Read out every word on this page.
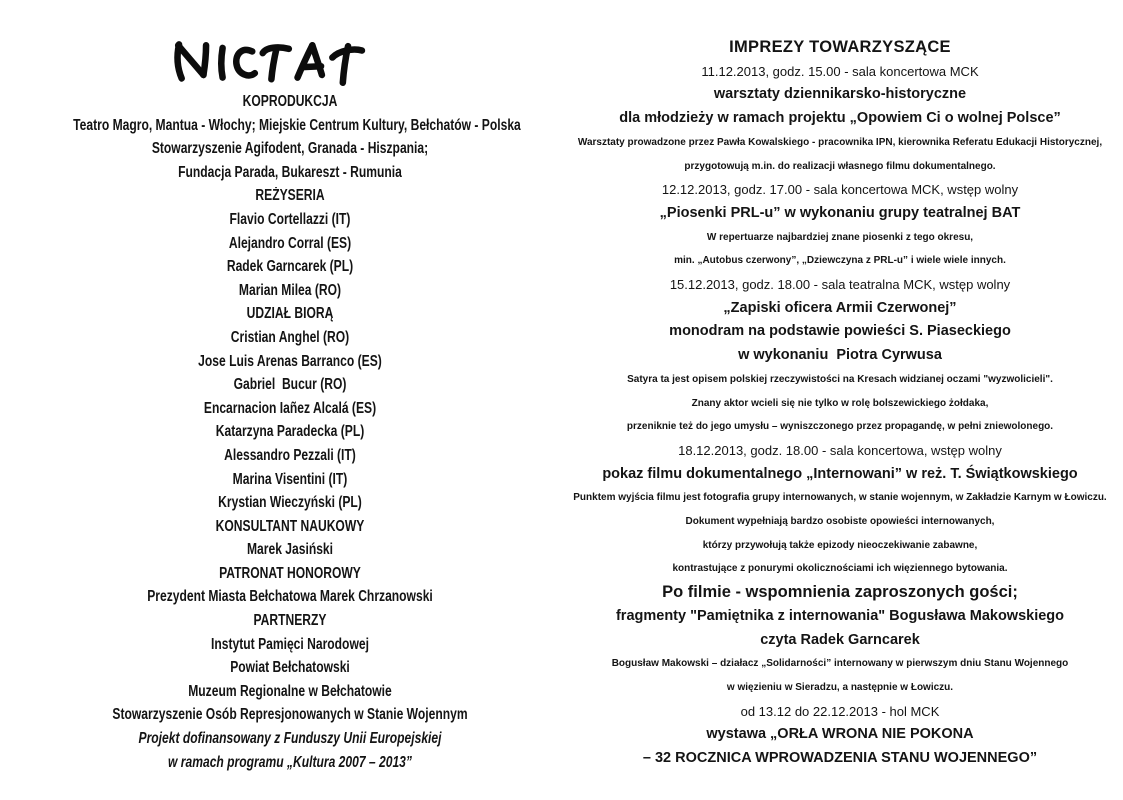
KOPRODUKCJA
Teatro Magro, Mantua - Włochy; Miejskie Centrum Kultury, Bełchatów - Polska
Stowarzyszenie Agifodent, Granada - Hiszpania;
Fundacja Parada, Bukareszt - Rumunia
REŻYSERIA
Flavio Cortellazzi (IT)
Alejandro Corral (ES)
Radek Garncarek (PL)
Marian Milea (RO)
UDZIAŁ BIORĄ
Cristian Anghel (RO)
Jose Luis Arenas Barranco (ES)
Gabriel  Bucur (RO)
Encarnacion Iañez Alcalá (ES)
Katarzyna Paradecka (PL)
Alessandro Pezzali (IT)
Marina Visentini (IT)
Krystian Wieczyński (PL)
KONSULTANT NAUKOWY
Marek Jasiński
PATRONAT HONOROWY
Prezydent Miasta Bełchatowa Marek Chrzanowski
PARTNERZY
Instytut Pamięci Narodowej
Powiat Bełchatowski
Muzeum Regionalne w Bełchatowie
Stowarzyszenie Osób Represjonowanych w Stanie Wojennym
Projekt dofinansowany z Funduszy Unii Europejskiej
w ramach programu „Kultura 2007 – 2013”
IMPREZY TOWARZYSZĄCE
11.12.2013, godz. 15.00 - sala koncertowa MCK
warsztaty dziennikarsko-historyczne
dla młodzieży w ramach projektu „Opowiem Ci o wolnej Polsce”
Warsztaty prowadzone przez Pawła Kowalskiego - pracownika IPN, kierownika Referatu Edukacji Historycznej,
przygotowują m.in. do realizacji własnego filmu dokumentalnego.
12.12.2013, godz. 17.00 - sala koncertowa MCK, wstęp wolny
„Piosenki PRL-u” w wykonaniu grupy teatralnej BAT
W repertuarze najbardziej znane piosenki z tego okresu,
min. „Autobus czerwony”, „Dziewczyna z PRL-u” i wiele wiele innych.
15.12.2013, godz. 18.00 - sala teatralna MCK, wstęp wolny
„Zapiski oficera Armii Czerwonej”
monodram na podstawie powieści S. Piaseckiego
w wykonaniu  Piotra Cyrwusa
Satyra ta jest opisem polskiej rzeczywistości na Kresach widzianej oczami "wyzwolicieli".
Znany aktor wcieli się nie tylko w rolę bolszewickiego żołdaka,
przeniknie też do jego umysłu – wyniszczonego przez propagandę, w pełni zniewolonego.
18.12.2013, godz. 18.00 - sala koncertowa, wstęp wolny
pokaz filmu dokumentalnego „Internowani” w reż. T. Świątkowskiego
Punktem wyjścia filmu jest fotografia grupy internowanych, w stanie wojennym, w Zakładzie Karnym w Łowiczu.
Dokument wypełniają bardzo osobiste opowieści internowanych,
którzy przywołują także epizody nieoczekiwanie zabawne,
kontrastujące z ponurymi okolicznościami ich więziennego bytowania.
Po filmie - wspomnienia zaproszonych gości;
fragmenty "Pamiętnika z internowania" Bogusława Makowskiego
czyta Radek Garncarek
Bogusław Makowski – działacz „Solidarności” internowany w pierwszym dniu Stanu Wojennego
w więzieniu w Sieradzu, a następnie w Łowiczu.
od 13.12 do 22.12.2013 - hol MCK
wystawa „ORŁA WRONA NIE POKONA
– 32 ROCZNICA WPROWADZENIA STANU WOJENNEGO”
